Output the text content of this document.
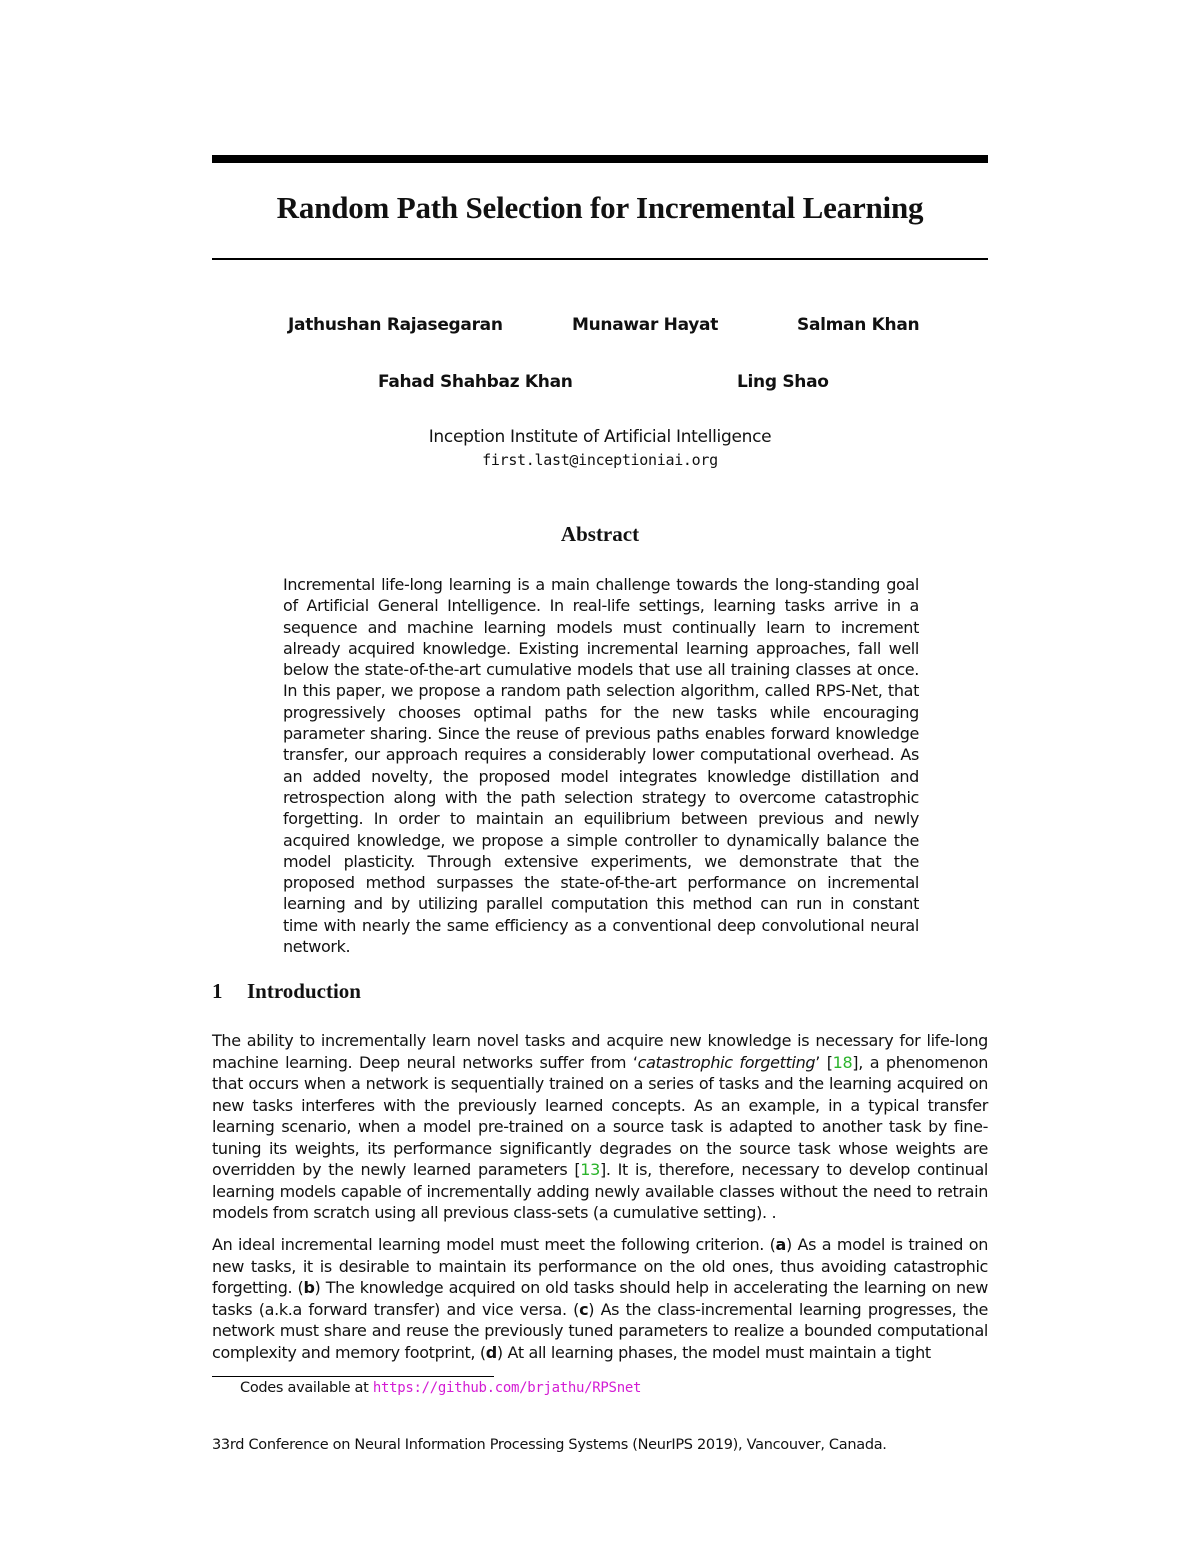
Random Path Selection for Incremental Learning
Jathushan Rajasegaran	Munawar Hayat	Salman Khan
Fahad Shahbaz Khan	Ling Shao
Inception Institute of Artificial Intelligence
first.last@inceptioniai.org
Abstract
Incremental life-long learning is a main challenge towards the long-standing goal of Artificial General Intelligence. In real-life settings, learning tasks arrive in a sequence and machine learning models must continually learn to increment already acquired knowledge. Existing incremental learning approaches, fall well below the state-of-the-art cumulative models that use all training classes at once. In this paper, we propose a random path selection algorithm, called RPS-Net, that progressively chooses optimal paths for the new tasks while encouraging parameter sharing. Since the reuse of previous paths enables forward knowledge transfer, our approach requires a considerably lower computational overhead. As an added novelty, the proposed model integrates knowledge distillation and retrospection along with the path selection strategy to overcome catastrophic forgetting. In order to maintain an equilibrium between previous and newly acquired knowledge, we propose a simple controller to dynamically balance the model plasticity. Through extensive experiments, we demonstrate that the proposed method surpasses the state-of-the-art performance on incremental learning and by utilizing parallel computation this method can run in constant time with nearly the same efficiency as a conventional deep convolutional neural network.
1 Introduction
The ability to incrementally learn novel tasks and acquire new knowledge is necessary for life-long machine learning. Deep neural networks suffer from ‘catastrophic forgetting’ [18], a phenomenon that occurs when a network is sequentially trained on a series of tasks and the learning acquired on new tasks interferes with the previously learned concepts. As an example, in a typical transfer learning scenario, when a model pre-trained on a source task is adapted to another task by fine-tuning its weights, its performance significantly degrades on the source task whose weights are overridden by the newly learned parameters [13]. It is, therefore, necessary to develop continual learning models capable of incrementally adding newly available classes without the need to retrain models from scratch using all previous class-sets (a cumulative setting). .
An ideal incremental learning model must meet the following criterion. (a) As a model is trained on new tasks, it is desirable to maintain its performance on the old ones, thus avoiding catastrophic forgetting. (b) The knowledge acquired on old tasks should help in accelerating the learning on new tasks (a.k.a forward transfer) and vice versa. (c) As the class-incremental learning progresses, the network must share and reuse the previously tuned parameters to realize a bounded computational complexity and memory footprint, (d) At all learning phases, the model must maintain a tight
Codes available at https://github.com/brjathu/RPSnet
33rd Conference on Neural Information Processing Systems (NeurIPS 2019), Vancouver, Canada.
